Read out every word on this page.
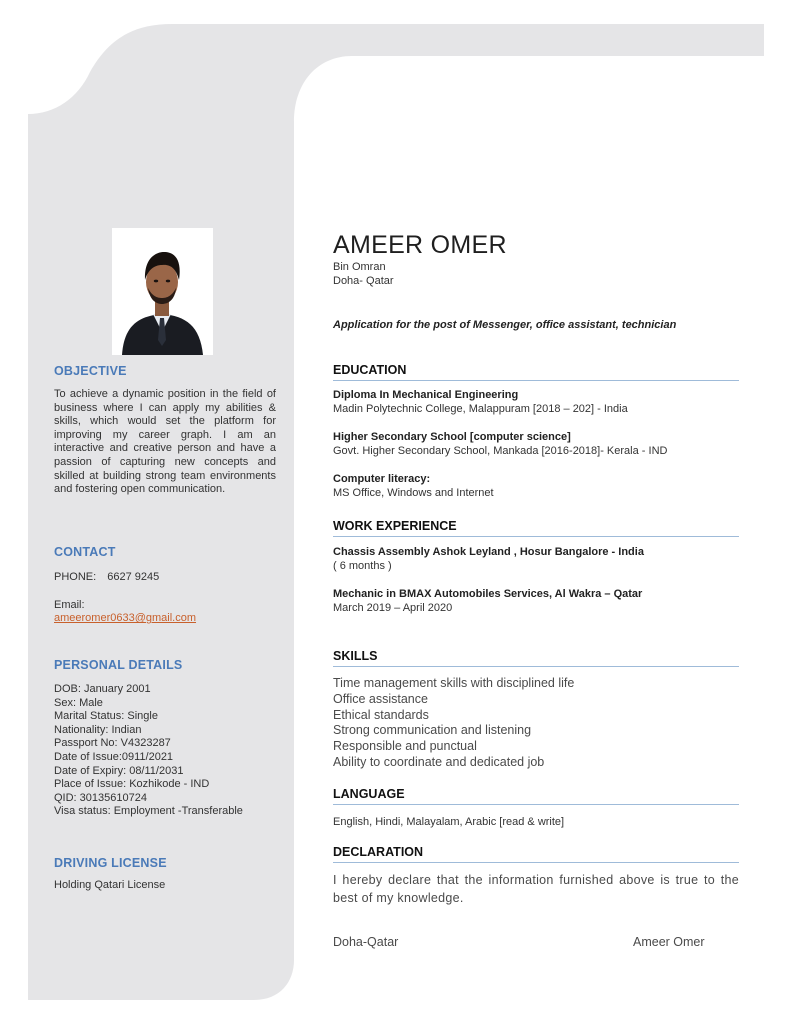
OBJECTIVE
To achieve a dynamic position in the field of business where I can apply my abilities & skills, which would set the platform for improving my career graph. I am an interactive and creative person and have a passion of capturing new concepts and skilled at building strong team environments and fostering open communication.
CONTACT
PHONE: 6627 9245
Email:
ameeromer0633@gmail.com
PERSONAL DETAILS
DOB: January 2001
Sex: Male
Marital Status: Single
Nationality: Indian
Passport No: V4323287
Date of Issue:0911/2021
Date of Expiry: 08/11/2031
Place of Issue: Kozhikode - IND
QID: 30135610724
Visa status: Employment -Transferable
DRIVING LICENSE
Holding Qatari License
AMEER OMER
Bin Omran
Doha- Qatar
Application for the post of Messenger, office assistant, technician
EDUCATION
Diploma In Mechanical Engineering
Madin Polytechnic College, Malappuram [2018 – 202] - India
Higher Secondary School [computer science]
Govt. Higher Secondary School, Mankada [2016-2018]- Kerala - IND
Computer literacy:
MS Office, Windows and Internet
WORK EXPERIENCE
Chassis Assembly Ashok Leyland , Hosur Bangalore - India
( 6 months )
Mechanic in BMAX Automobiles Services, Al Wakra – Qatar
March 2019 – April 2020
SKILLS
Time management skills with disciplined life
Office assistance
Ethical standards
Strong communication and listening
Responsible and punctual
Ability to coordinate and dedicated job
LANGUAGE
English, Hindi, Malayalam, Arabic [read & write]
DECLARATION
I hereby declare that the information furnished above is true to the best of my knowledge.
Doha-Qatar	Ameer Omer
